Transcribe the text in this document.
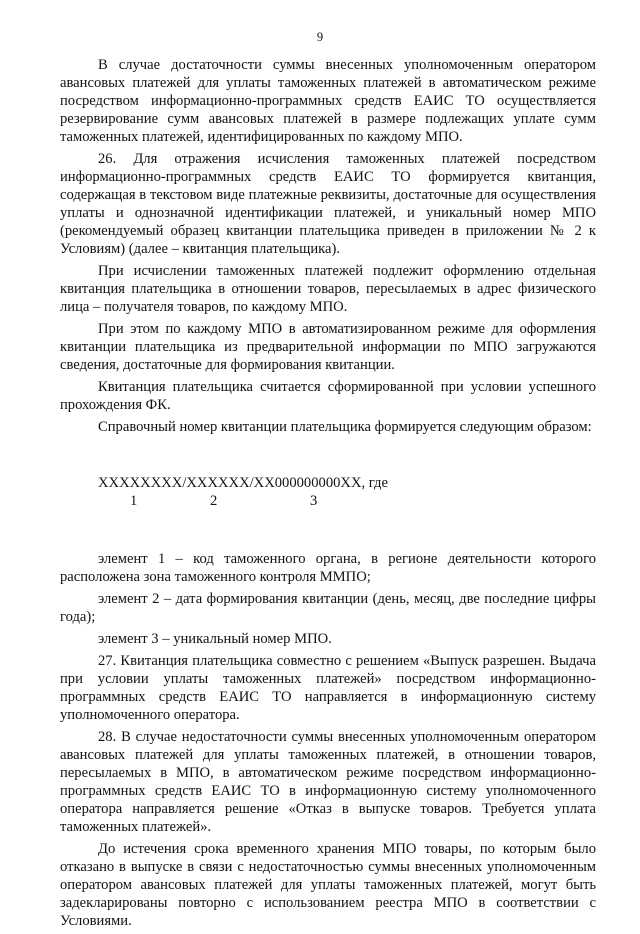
9

В случае достаточности суммы внесенных уполномоченным оператором авансовых платежей для уплаты таможенных платежей в автоматическом режиме посредством информационно-программных средств ЕАИС ТО осуществляется резервирование сумм авансовых платежей в размере подлежащих уплате сумм таможенных платежей, идентифицированных по каждому МПО.

26. Для отражения исчисления таможенных платежей посредством информационно-программных средств ЕАИС ТО формируется квитанция, содержащая в текстовом виде платежные реквизиты, достаточные для осуществления уплаты и однозначной идентификации платежей, и уникальный номер МПО (рекомендуемый образец квитанции плательщика приведен в приложении № 2 к Условиям) (далее – квитанция плательщика).

При исчислении таможенных платежей подлежит оформлению отдельная квитанция плательщика в отношении товаров, пересылаемых в адрес физического лица – получателя товаров, по каждому МПО.

При этом по каждому МПО в автоматизированном режиме для оформления квитанции плательщика из предварительной информации по МПО загружаются сведения, достаточные для формирования квитанции.

Квитанция плательщика считается сформированной при условии успешного прохождения ФК.

Справочный номер квитанции плательщика формируется следующим образом:

XXXXXXXX/XXXXXX/XX000000000XX, где
1	2	3

элемент 1 – код таможенного органа, в регионе деятельности которого расположена зона таможенного контроля ММПО;

элемент 2 – дата формирования квитанции (день, месяц, две последние цифры года);

элемент 3 – уникальный номер МПО.

27. Квитанция плательщика совместно с решением «Выпуск разрешен. Выдача при условии уплаты таможенных платежей» посредством информационно-программных средств ЕАИС ТО направляется в информационную систему уполномоченного оператора.

28. В случае недостаточности суммы внесенных уполномоченным оператором авансовых платежей для уплаты таможенных платежей, в отношении товаров, пересылаемых в МПО, в автоматическом режиме посредством информационно-программных средств ЕАИС ТО в информационную систему уполномоченного оператора направляется решение «Отказ в выпуске товаров. Требуется уплата таможенных платежей».

До истечения срока временного хранения МПО товары, по которым было отказано в выпуске в связи с недостаточностью суммы внесенных уполномоченным оператором авансовых платежей для уплаты таможенных платежей, могут быть задекларированы повторно с использованием реестра МПО в соответствии с Условиями.
